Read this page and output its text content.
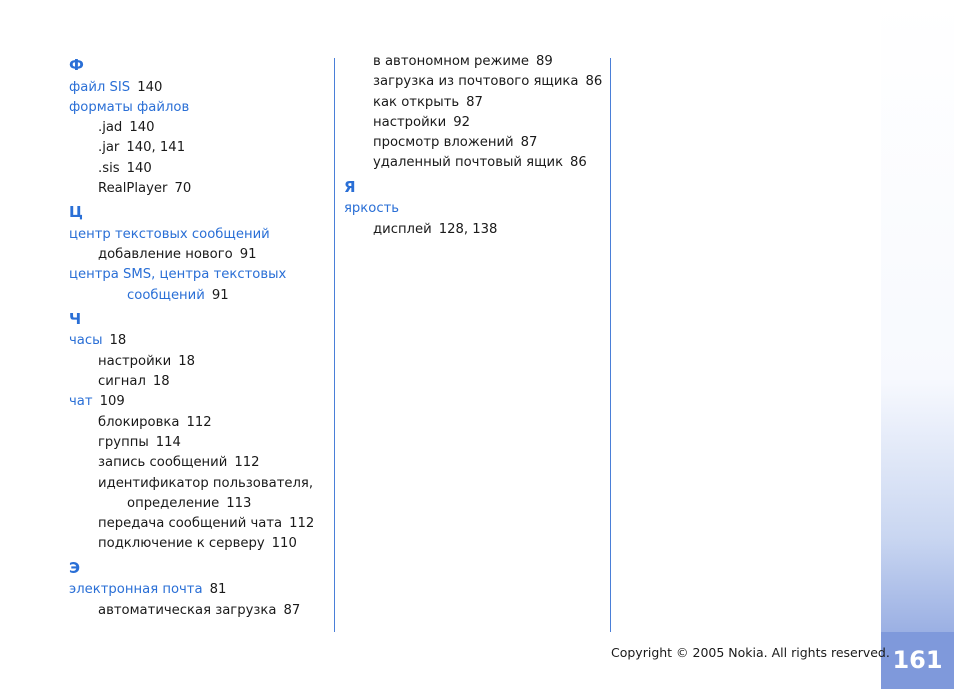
161
Ф
файл SIS 140
форматы файлов
.jad 140
.jar 140, 141
.sis 140
RealPlayer 70
Ц
центр текстовых сообщений
добавление нового 91
центра SMS, центра текстовых
сообщений 91
Ч
часы 18
настройки 18
сигнал 18
чат 109
блокировка 112
группы 114
запись сообщений 112
идентификатор пользователя,
определение 113
передача сообщений чата 112
подключение к серверу 110
Э
электронная почта 81
автоматическая загрузка 87
в автономном режиме 89
загрузка из почтового ящика 86
как открыть 87
настройки 92
просмотр вложений 87
удаленный почтовый ящик 86
Я
яркость
дисплей 128, 138
Copyright © 2005 Nokia. All rights reserved.
